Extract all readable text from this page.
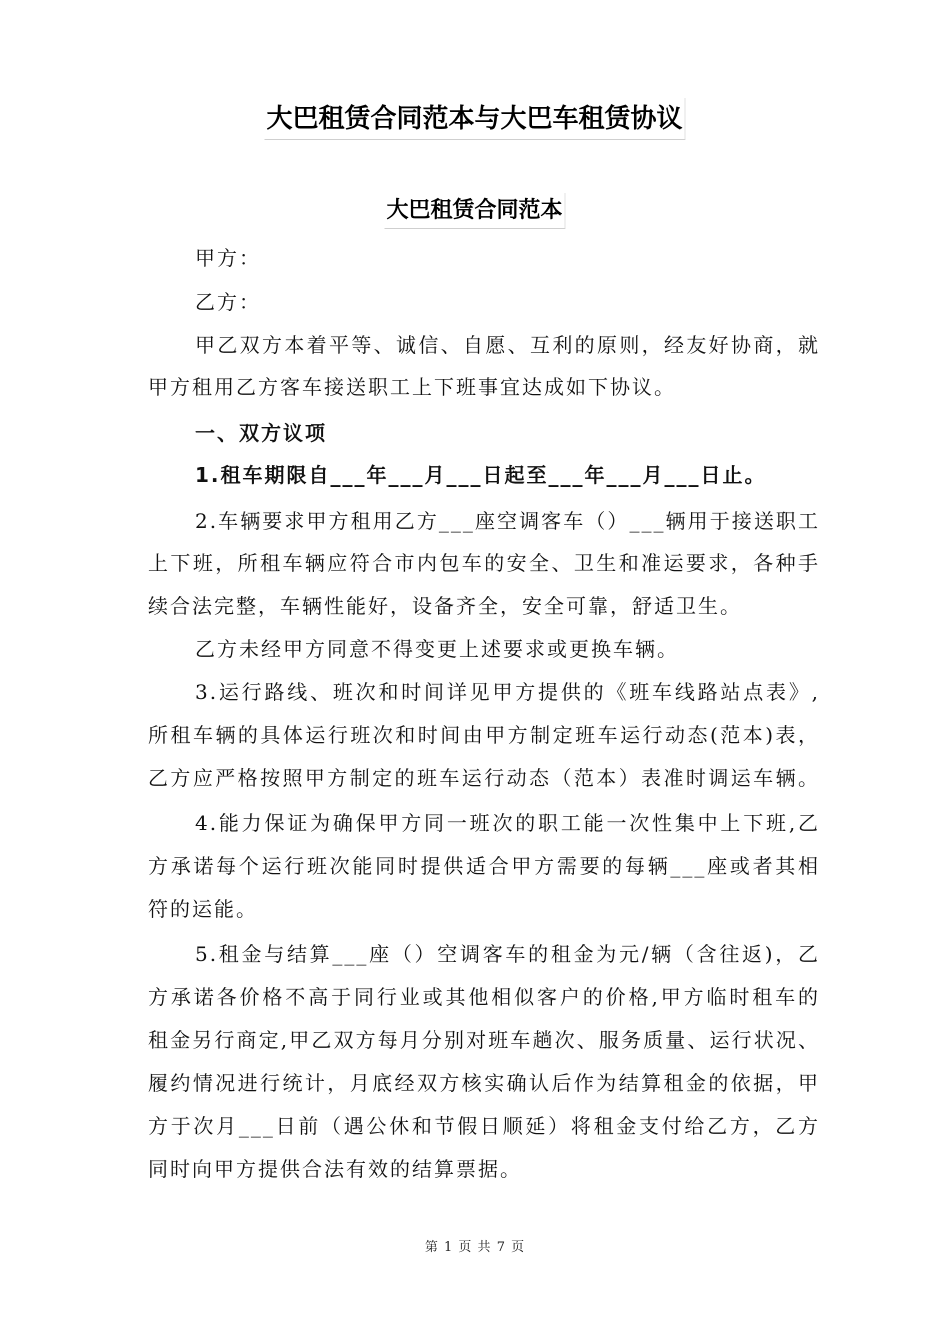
大巴租赁合同范本与大巴车租赁协议
大巴租赁合同范本
甲方：
乙方：
甲乙双方本着平等、诚信、自愿、互利的原则，经友好协商，就
甲方租用乙方客车接送职工上下班事宜达成如下协议。
一、双方议项
1.租车期限自___年___月___日起至___年___月___日止。
2.车辆要求甲方租用乙方___座空调客车（）___辆用于接送职工
上下班，所租车辆应符合市内包车的安全、卫生和准运要求，各种手
续合法完整，车辆性能好，设备齐全，安全可靠，舒适卫生。
乙方未经甲方同意不得变更上述要求或更换车辆。
3.运行路线、班次和时间详见甲方提供的《班车线路站点表》,
所租车辆的具体运行班次和时间由甲方制定班车运行动态(范本)表，
乙方应严格按照甲方制定的班车运行动态（范本）表准时调运车辆。
4.能力保证为确保甲方同一班次的职工能一次性集中上下班,乙
方承诺每个运行班次能同时提供适合甲方需要的每辆___座或者其相
符的运能。
5.租金与结算___座（）空调客车的租金为元/辆（含往返)，乙
方承诺各价格不高于同行业或其他相似客户的价格,甲方临时租车的
租金另行商定,甲乙双方每月分别对班车趟次、服务质量、运行状况、
履约情况进行统计，月底经双方核实确认后作为结算租金的依据，甲
方于次月___日前（遇公休和节假日顺延）将租金支付给乙方，乙方
同时向甲方提供合法有效的结算票据。
第 1 页 共 7 页
